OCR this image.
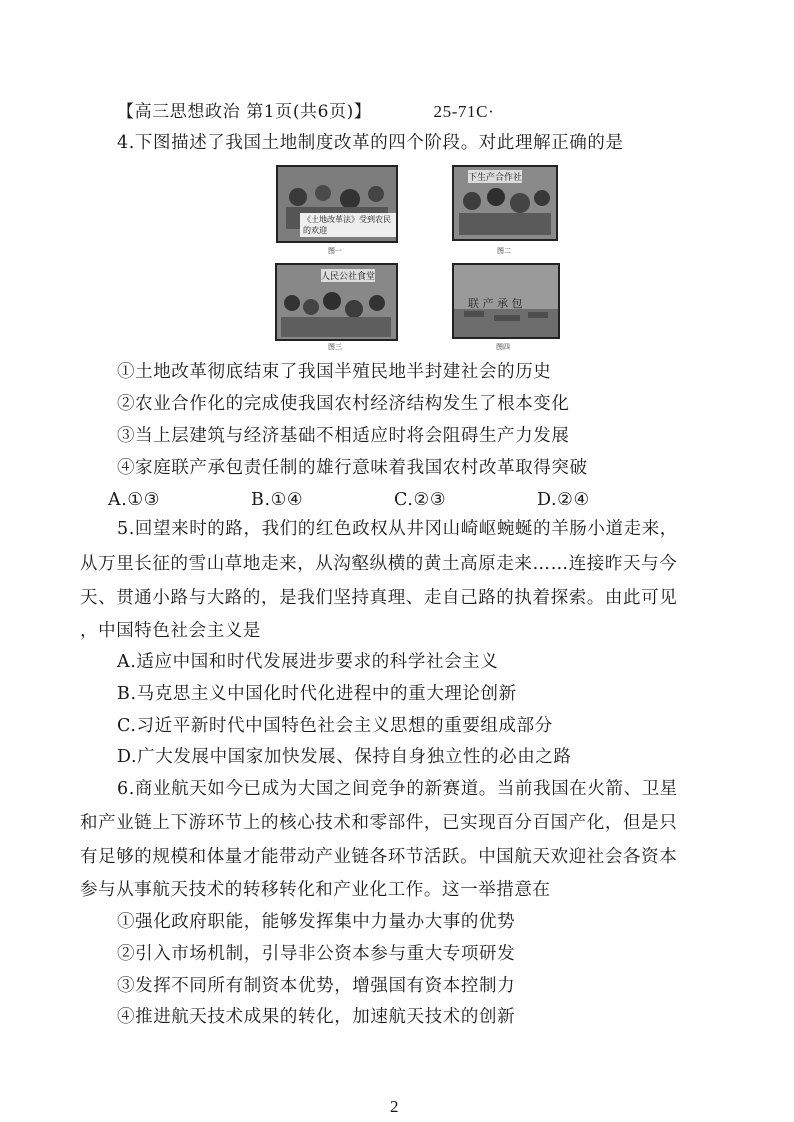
【高三思想政治 第1页(共6页)】	25-71C·
4.下图描述了我国土地制度改革的四个阶段。对此理解正确的是
《土地改革法》受到农民的欢迎
图一
下生产合作社
图二
人民公社食堂
图三
联 产 承 包
图四
①土地改革彻底结束了我国半殖民地半封建社会的历史
②农业合作化的完成使我国农村经济结构发生了根本变化
③当上层建筑与经济基础不相适应时将会阻碍生产力发展
④家庭联产承包责任制的雄行意味着我国农村改革取得突破
A.①③	B.①④	C.②③	D.②④
5.回望来时的路，我们的红色政权从井冈山崎岖蜿蜒的羊肠小道走来，
从万里长征的雪山草地走来，从沟壑纵横的黄土高原走来……连接昨天与今
天、贯通小路与大路的，是我们坚持真理、走自己路的执着探索。由此可见
，中国特色社会主义是
A.适应中国和时代发展进步要求的科学社会主义
B.马克思主义中国化时代化进程中的重大理论创新
C.习近平新时代中国特色社会主义思想的重要组成部分
D.广大发展中国家加快发展、保持自身独立性的必由之路
6.商业航天如今已成为大国之间竞争的新赛道。当前我国在火箭、卫星
和产业链上下游环节上的核心技术和零部件，已实现百分百国产化，但是只
有足够的规模和体量才能带动产业链各环节活跃。中国航天欢迎社会各资本
参与从事航天技术的转移转化和产业化工作。这一举措意在
①强化政府职能，能够发挥集中力量办大事的优势
②引入市场机制，引导非公资本参与重大专项研发
③发挥不同所有制资本优势，增强国有资本控制力
④推进航天技术成果的转化，加速航天技术的创新
2
